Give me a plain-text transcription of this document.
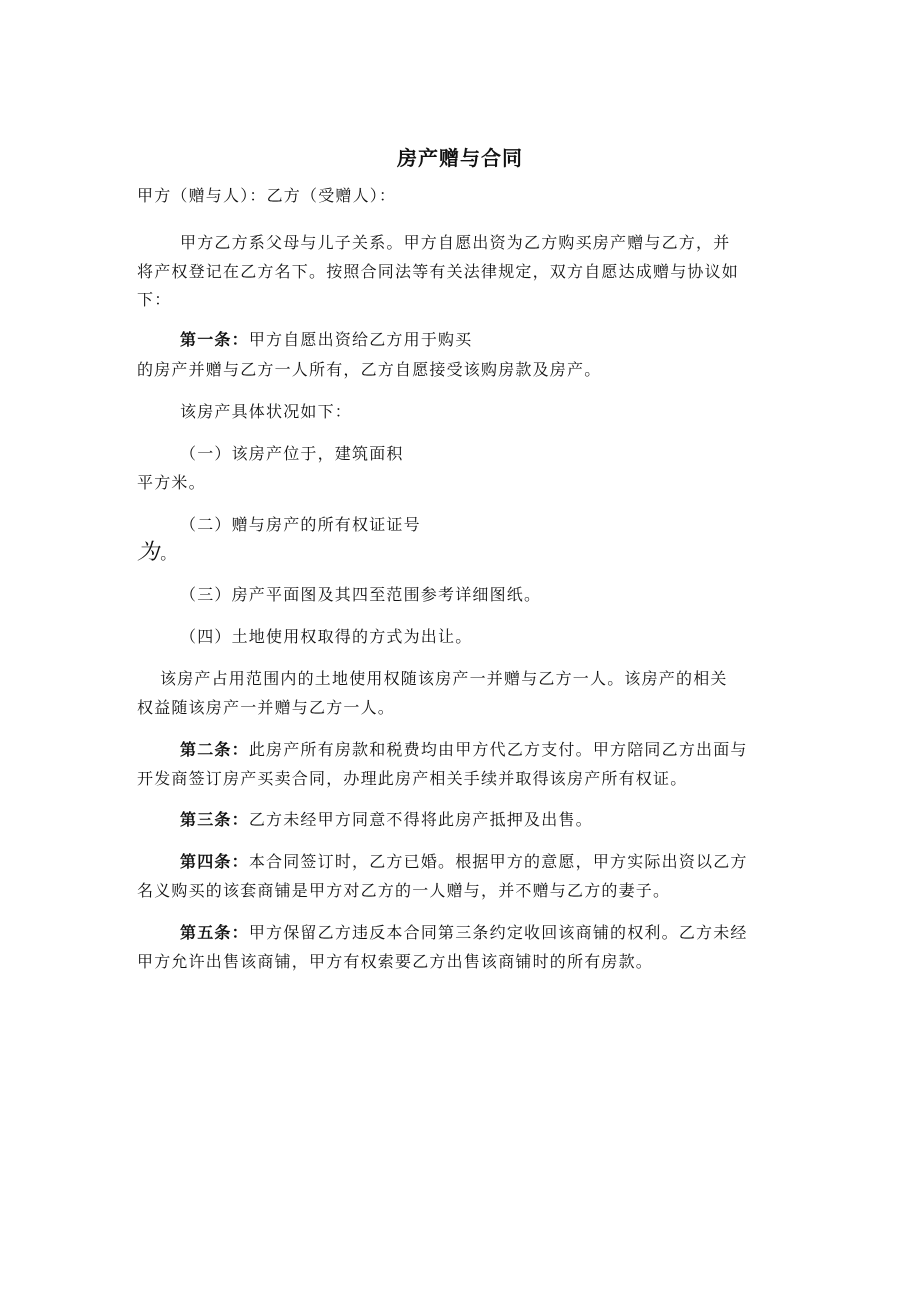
房产赠与合同

甲方（赠与人）：乙方（受赠人）：

甲方乙方系父母与儿子关系。甲方自愿出资为乙方购买房产赠与乙方，并

将产权登记在乙方名下。按照合同法等有关法律规定，双方自愿达成赠与协议如

下：

第一条：甲方自愿出资给乙方用于购买

的房产并赠与乙方一人所有，乙方自愿接受该购房款及房产。

该房产具体状况如下：

（一）该房产位于，建筑面积

平方米。

（二）赠与房产的所有权证证号

为。

（三）房产平面图及其四至范围参考详细图纸。

（四）土地使用权取得的方式为出让。

该房产占用范围内的土地使用权随该房产一并赠与乙方一人。该房产的相关

权益随该房产一并赠与乙方一人。

第二条：此房产所有房款和税费均由甲方代乙方支付。甲方陪同乙方出面与

开发商签订房产买卖合同，办理此房产相关手续并取得该房产所有权证。

第三条：乙方未经甲方同意不得将此房产抵押及出售。

第四条：本合同签订时，乙方已婚。根据甲方的意愿，甲方实际出资以乙方

名义购买的该套商铺是甲方对乙方的一人赠与，并不赠与乙方的妻子。

第五条：甲方保留乙方违反本合同第三条约定收回该商铺的权利。乙方未经

甲方允许出售该商铺，甲方有权索要乙方出售该商铺时的所有房款。
